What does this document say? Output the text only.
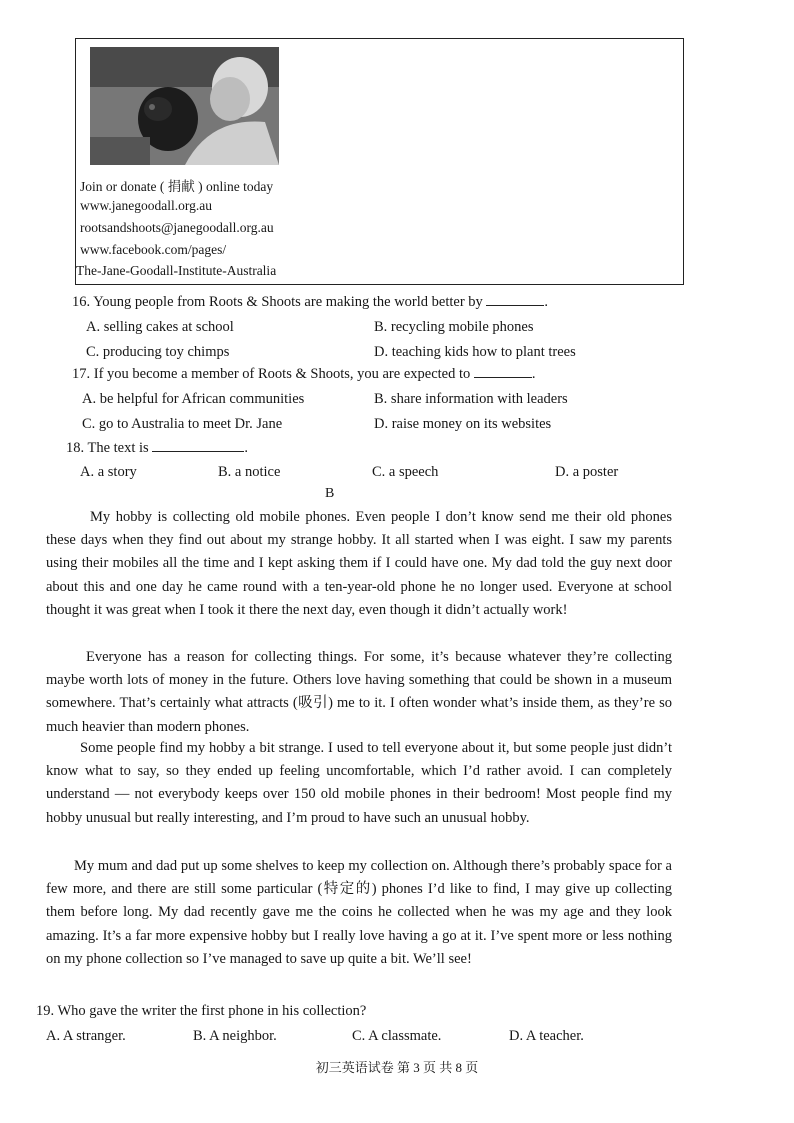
Join or donate ( 捐献 ) online today
www.janegoodall.org.au
rootsandshoots@janegoodall.org.au
www.facebook.com/pages/
The-Jane-Goodall-Institute-Australia
16. Young people from Roots & Shoots are making the world better by	.
A. selling cakes at school	B. recycling mobile phones
C. producing toy chimps	D. teaching kids how to plant trees
17. If you become a member of Roots & Shoots, you are expected to	.
A. be helpful for African communities	B. share information with leaders
C. go to Australia to meet Dr. Jane	D. raise money on its websites
18. The text is	.
A. a story	B. a notice	C. a speech	D. a poster
B
My hobby is collecting old mobile phones. Even people I don’t know send me their old phones these days when they find out about my strange hobby. It all started when I was eight. I saw my parents using their mobiles all the time and I kept asking them if I could have one. My dad told the guy next door about this and one day he came round with a ten-year-old phone he no longer used. Everyone at school thought it was great when I took it there the next day, even though it didn’t actually work!
Everyone has a reason for collecting things. For some, it’s because whatever they’re collecting maybe worth lots of money in the future. Others love having something that could be shown in a museum somewhere. That’s certainly what attracts (吸引) me to it. I often wonder what’s inside them, as they’re so much heavier than modern phones.
Some people find my hobby a bit strange. I used to tell everyone about it, but some people just didn’t know what to say, so they ended up feeling uncomfortable, which I’d rather avoid. I can completely understand — not everybody keeps over 150 old mobile phones in their bedroom! Most people find my hobby unusual but really interesting, and I’m proud to have such an unusual hobby.
My mum and dad put up some shelves to keep my collection on. Although there’s probably space for a few more, and there are still some particular (特定的) phones I’d like to find, I may give up collecting them before long. My dad recently gave me the coins he collected when he was my age and they look amazing. It’s a far more expensive hobby but I really love having a go at it. I’ve spent more or less nothing on my phone collection so I’ve managed to save up quite a bit. We’ll see!
19. Who gave the writer the first phone in his collection?
A. A stranger.	B. A neighbor.	C. A classmate.	D. A teacher.
初三英语试卷 第 3 页 共 8 页
